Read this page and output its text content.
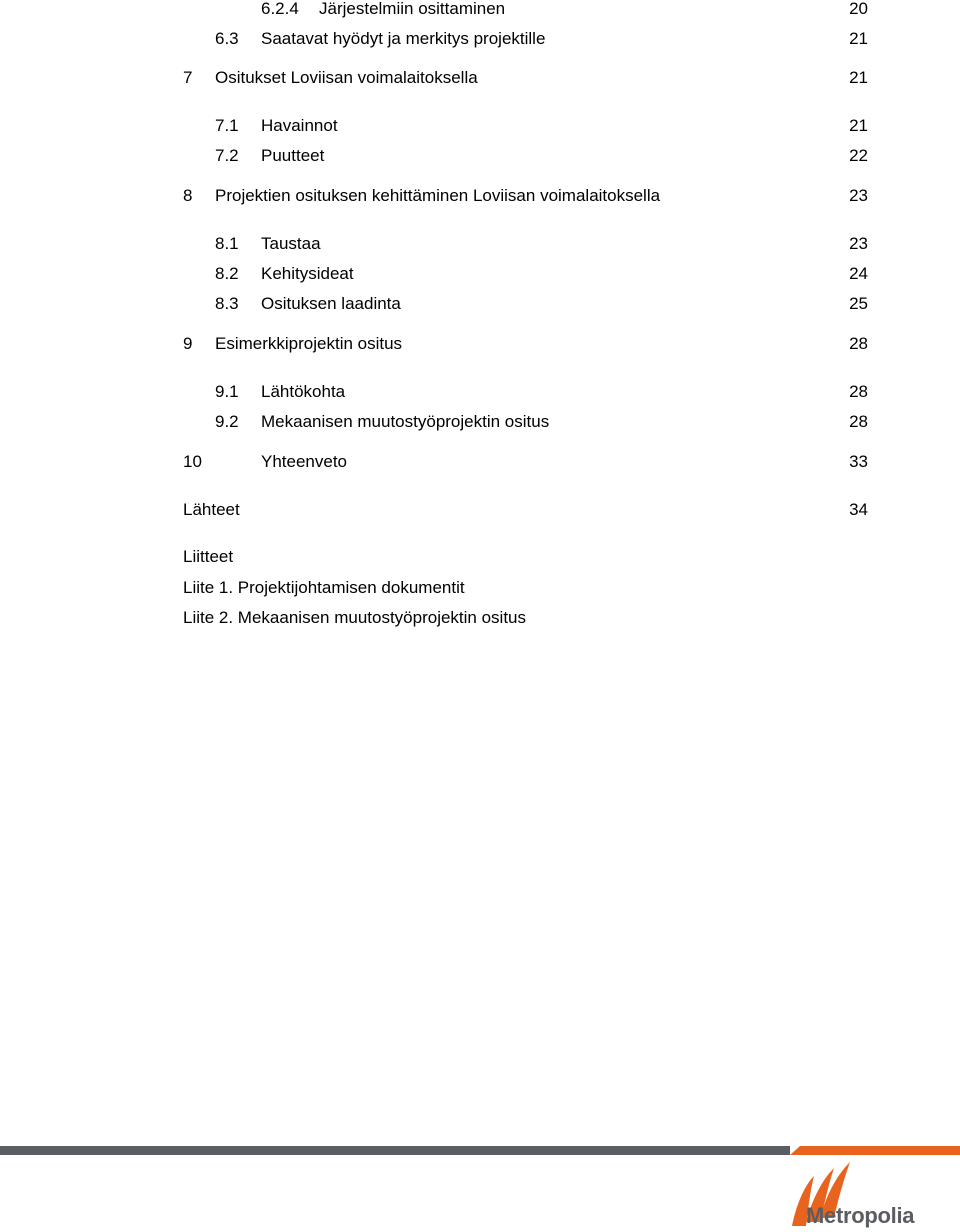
6.2.4 Järjestelmiin osittaminen	20
6.3 Saatavat hyödyt ja merkitys projektille	21
7 Ositukset Loviisan voimalaitoksella	21
7.1 Havainnot	21
7.2 Puutteet	22
8 Projektien osituksen kehittäminen Loviisan voimalaitoksella	23
8.1 Taustaa	23
8.2 Kehitysideat	24
8.3 Osituksen laadinta	25
9 Esimerkkiprojektin ositus	28
9.1 Lähtökohta	28
9.2 Mekaanisen muutostyöprojektin ositus	28
10	Yhteenveto	33
Lähteet	34
Liitteet
Liite 1. Projektijohtamisen dokumentit
Liite 2. Mekaanisen muutostyöprojektin ositus
Metropolia
